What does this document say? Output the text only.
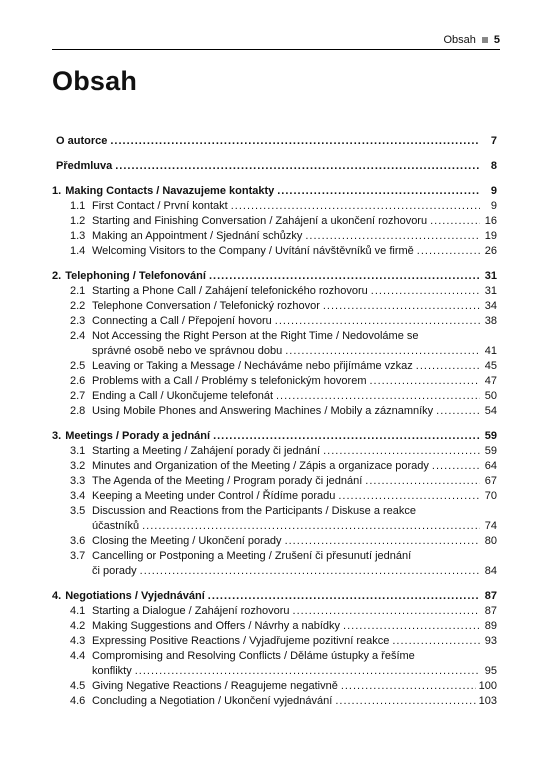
Obsah 5
Obsah
O autorce .....	7
Předmluva .....	8
1. Making Contacts / Navazujeme kontakty .....	9
1.1 First Contact / První kontakt .....	9
1.2 Starting and Finishing Conversation / Zahájení a ukončení rozhovoru .....	16
1.3 Making an Appointment / Sjednání schůzky .....	19
1.4 Welcoming Visitors to the Company / Uvítání návštěvníků ve firmě .....	26
2. Telephoning / Telefonování .....	31
2.1 Starting a Phone Call / Zahájení telefonického rozhovoru .....	31
2.2 Telephone Conversation / Telefonický rozhovor .....	34
2.3 Connecting a Call / Přepojení hovoru .....	38
2.4 Not Accessing the Right Person at the Right Time / Nedovoláme se
správné osobě nebo ve správnou dobu .....	41
2.5 Leaving or Taking a Message / Necháváme nebo přijímáme vzkaz .....	45
2.6 Problems with a Call / Problémy s telefonickým hovorem .....	47
2.7 Ending a Call / Ukončujeme telefonát .....	50
2.8 Using Mobile Phones and Answering Machines / Mobily a záznamníky .....	54
3. Meetings / Porady a jednání .....	59
3.1 Starting a Meeting / Zahájení porady či jednání .....	59
3.2 Minutes and Organization of the Meeting / Zápis a organizace porady .....	64
3.3 The Agenda of the Meeting / Program porady či jednání .....	67
3.4 Keeping a Meeting under Control / Řídíme poradu .....	70
3.5 Discussion and Reactions from the Participants / Diskuse a reakce
účastníků .....	74
3.6 Closing the Meeting / Ukončení porady .....	80
3.7 Cancelling or Postponing a Meeting / Zrušení či přesunutí jednání
či porady .....	84
4. Negotiations / Vyjednávání .....	87
4.1 Starting a Dialogue / Zahájení rozhovoru .....	87
4.2 Making Suggestions and Offers / Návrhy a nabídky .....	89
4.3 Expressing Positive Reactions / Vyjadřujeme pozitivní reakce .....	93
4.4 Compromising and Resolving Conflicts / Děláme ústupky a řešíme
konflikty .....	95
4.5 Giving Negative Reactions / Reagujeme negativně .....	100
4.6 Concluding a Negotiation / Ukončení vyjednávání .....	103
